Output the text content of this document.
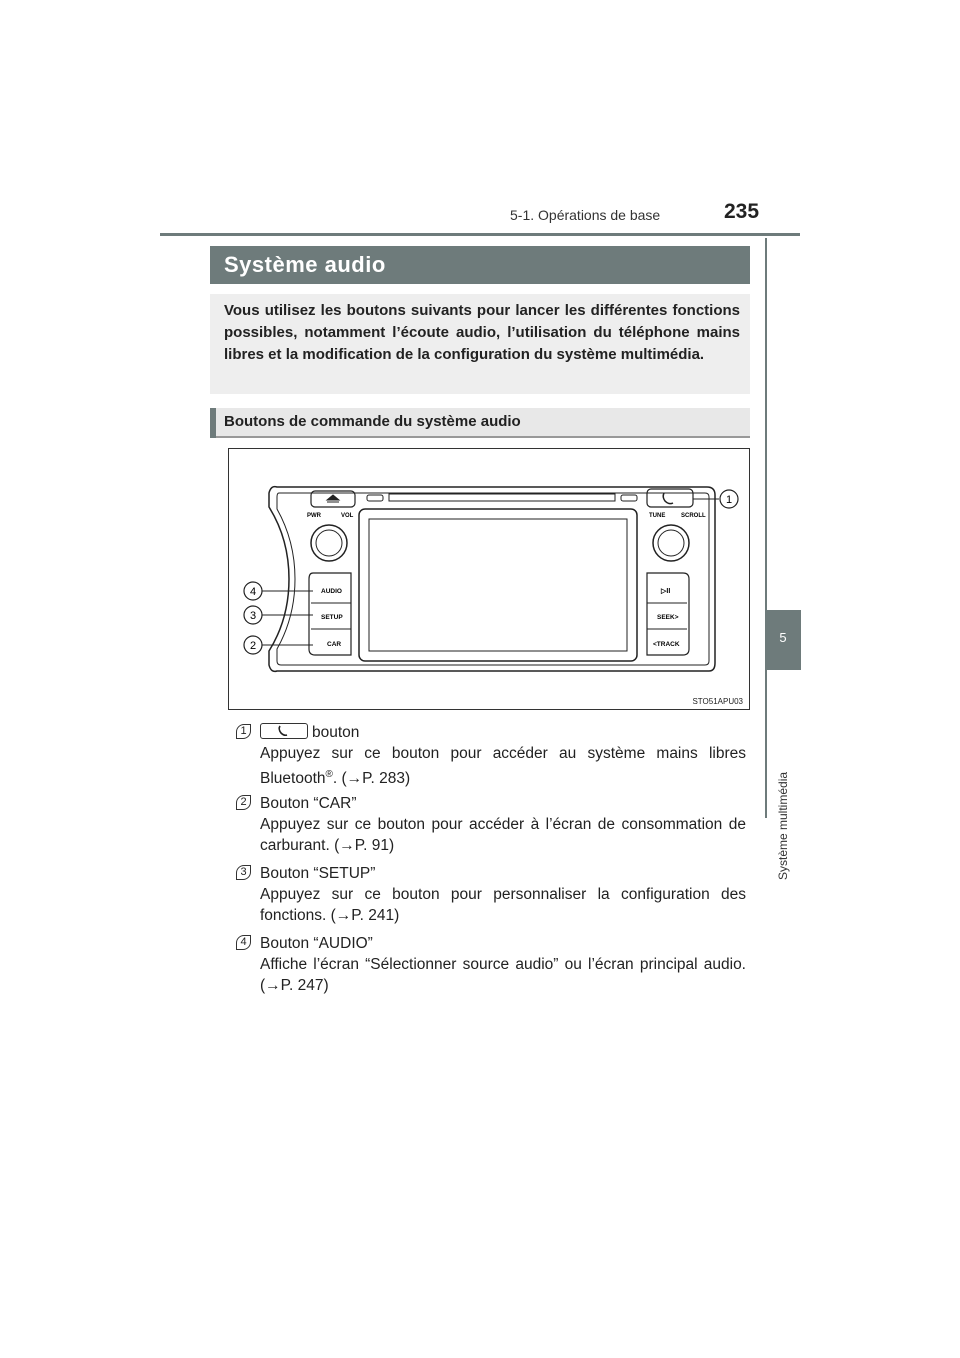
5-1. Opérations de base	235
5
Système multimédia
Système audio
Vous utilisez les boutons suivants pour lancer les différentes fonctions possibles, notamment l’écoute audio, l’utilisation du téléphone mains libres et la modification de la configuration du système multimédia.
Boutons de commande du système audio
PWR	VOL	TUNE	SCROLL
AUDIO
SETUP
CAR
▷II
SEEK>
<TRACK
1
4
3
2
STO51APU03
1	bouton

Appuyez sur ce bouton pour accéder au système mains libres Bluetooth®. (→P. 283)

2 Bouton “CAR”

Appuyez sur ce bouton pour accéder à l’écran de consommation de carburant. (→P. 91)

3 Bouton “SETUP”

Appuyez sur ce bouton pour personnaliser la configuration des fonctions. (→P. 241)

4 Bouton “AUDIO”

Affiche l’écran “Sélectionner source audio” ou l’écran principal audio. (→P. 247)
